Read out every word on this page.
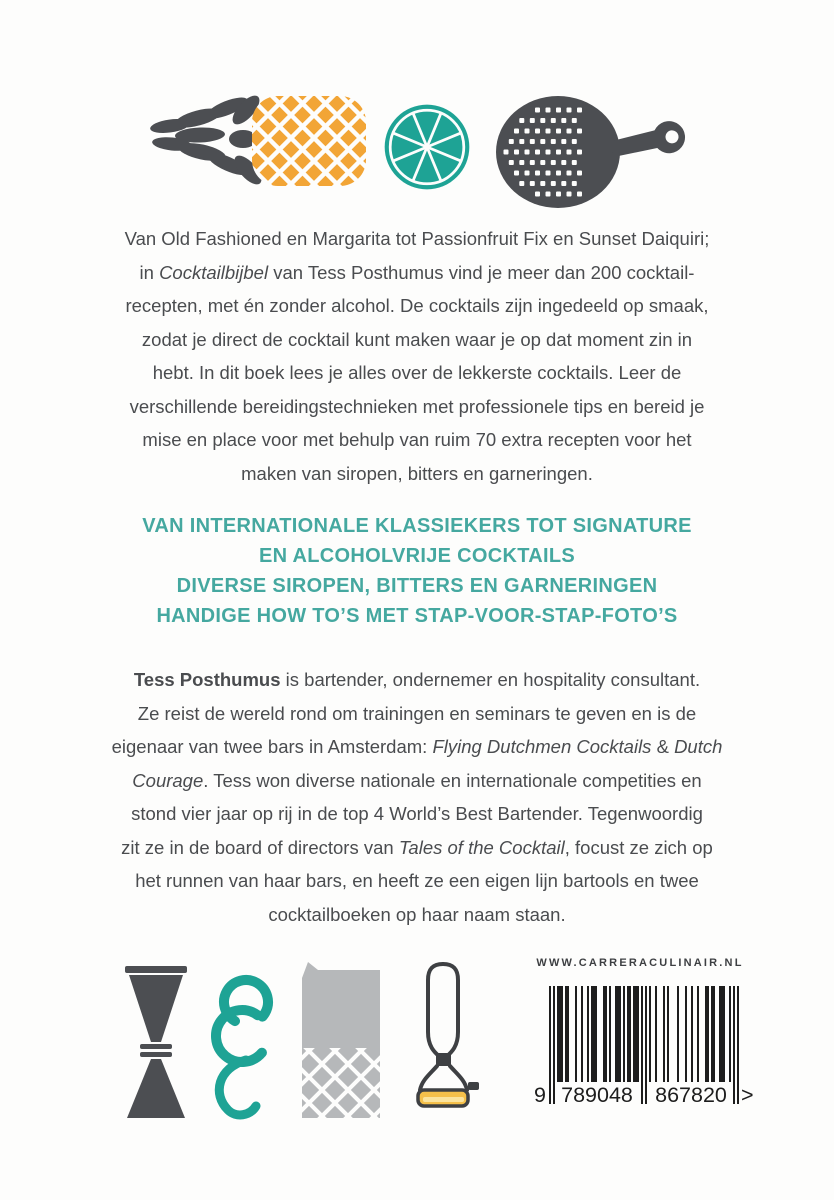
Van Old Fashioned en Margarita tot Passionfruit Fix en Sunset Daiquiri;
in Cocktailbijbel van Tess Posthumus vind je meer dan 200 cocktail-
recepten, met én zonder alcohol. De cocktails zijn ingedeeld op smaak,
zodat je direct de cocktail kunt maken waar je op dat moment zin in
hebt. In dit boek lees je alles over de lekkerste cocktails. Leer de
verschillende bereidingstechnieken met professionele tips en bereid je
mise en place voor met behulp van ruim 70 extra recepten voor het
maken van siropen, bitters en garneringen.
VAN INTERNATIONALE KLASSIEKERS TOT SIGNATURE
EN ALCOHOLVRIJE COCKTAILS
DIVERSE SIROPEN, BITTERS EN GARNERINGEN
HANDIGE HOW TO’S MET STAP-VOOR-STAP-FOTO’S
Tess Posthumus is bartender, ondernemer en hospitality consultant.
Ze reist de wereld rond om trainingen en seminars te geven en is de
eigenaar van twee bars in Amsterdam: Flying Dutchmen Cocktails & Dutch
Courage. Tess won diverse nationale en internationale competities en
stond vier jaar op rij in de top 4 World’s Best Bartender. Tegenwoordig
zit ze in de board of directors van Tales of the Cocktail, focust ze zich op
het runnen van haar bars, en heeft ze een eigen lijn bartools en twee
cocktailboeken op haar naam staan.
WWW.CARRERACULINAIR.NL
9 789048 867820 >
